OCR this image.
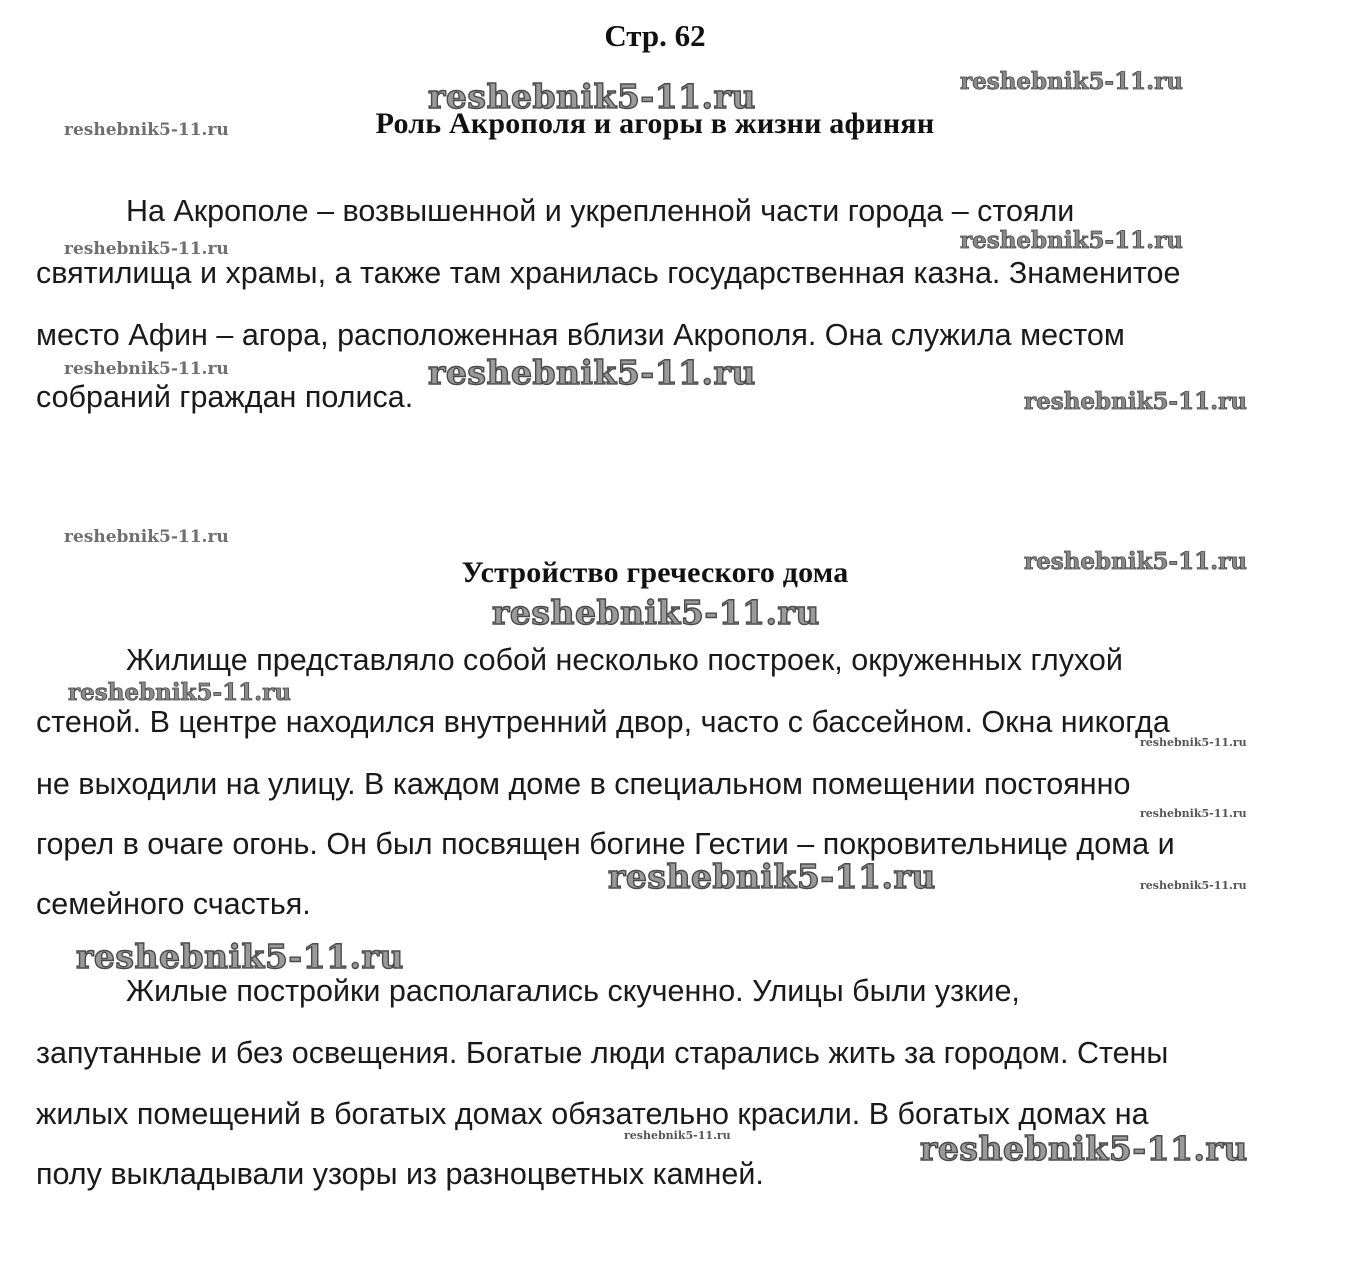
Стр. 62
Роль Акрополя и агоры в жизни афинян
На Акрополе – возвышенной и укрепленной части города – стояли
святилища и храмы, а также там хранилась государственная казна. Знаменитое
место Афин – агора, расположенная вблизи Акрополя. Она служила местом
собраний граждан полиса.
Устройство греческого дома
Жилище представляло собой несколько построек, окруженных глухой
стеной. В центре находился внутренний двор, часто с бассейном. Окна никогда
не выходили на улицу. В каждом доме в специальном помещении постоянно
горел в очаге огонь. Он был посвящен богине Гестии – покровительнице дома и
семейного счастья.
Жилые постройки располагались скученно. Улицы были узкие,
запутанные и без освещения. Богатые люди старались жить за городом. Стены
жилых помещений в богатых домах обязательно красили. В богатых домах на
полу выкладывали узоры из разноцветных камней.
reshebnik5-11.ru	reshebnik5-11.ru
reshebnik5-11.ru
reshebnik5-11.ru	reshebnik5-11.ru
reshebnik5-11.ru	reshebnik5-11.ru
reshebnik5-11.ru
reshebnik5-11.ru
reshebnik5-11.ru
reshebnik5-11.ru
reshebnik5-11.ru
reshebnik5-11.ru
reshebnik5-11.ru
reshebnik5-11.ru	reshebnik5-11.ru
reshebnik5-11.ru
reshebnik5-11.ru	reshebnik5-11.ru
